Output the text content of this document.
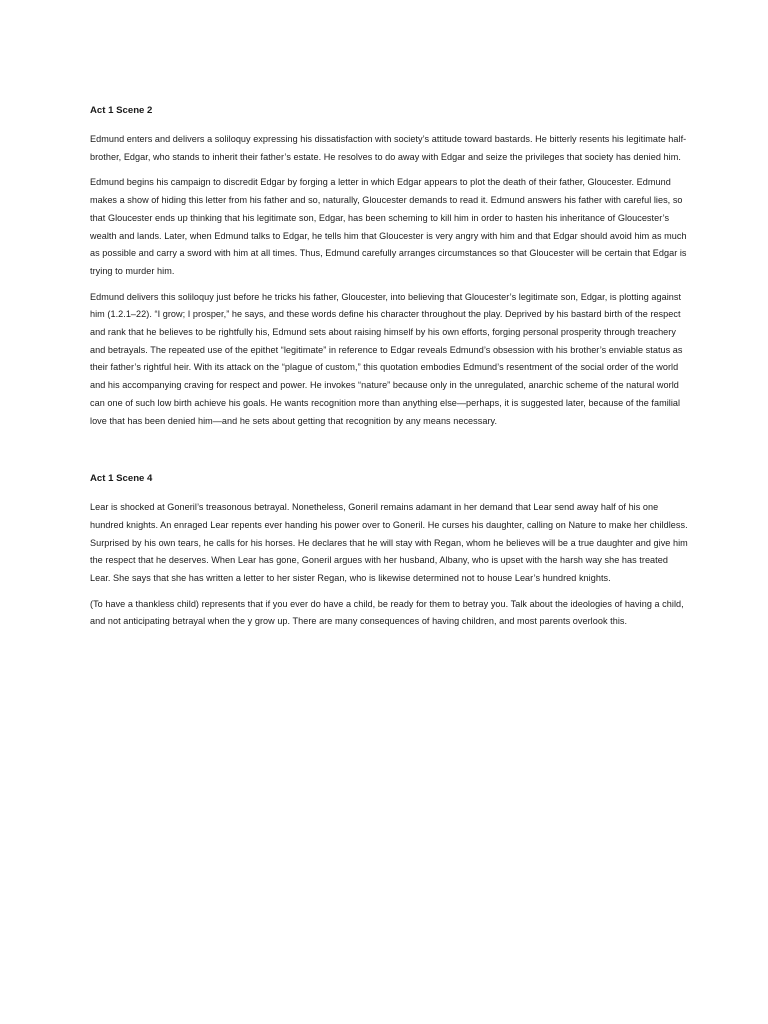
Act 1 Scene 2

Edmund enters and delivers a soliloquy expressing his dissatisfaction with society’s attitude toward bastards. He bitterly resents his legitimate half-brother, Edgar, who stands to inherit their father’s estate. He resolves to do away with Edgar and seize the privileges that society has denied him.

Edmund begins his campaign to discredit Edgar by forging a letter in which Edgar appears to plot the death of their father, Gloucester. Edmund makes a show of hiding this letter from his father and so, naturally, Gloucester demands to read it. Edmund answers his father with careful lies, so that Gloucester ends up thinking that his legitimate son, Edgar, has been scheming to kill him in order to hasten his inheritance of Gloucester’s wealth and lands. Later, when Edmund talks to Edgar, he tells him that Gloucester is very angry with him and that Edgar should avoid him as much as possible and carry a sword with him at all times. Thus, Edmund carefully arranges circumstances so that Gloucester will be certain that Edgar is trying to murder him.

Edmund delivers this soliloquy just before he tricks his father, Gloucester, into believing that Gloucester’s legitimate son, Edgar, is plotting against him (1.2.1–22). “I grow; I prosper,” he says, and these words define his character throughout the play. Deprived by his bastard birth of the respect and rank that he believes to be rightfully his, Edmund sets about raising himself by his own efforts, forging personal prosperity through treachery and betrayals. The repeated use of the epithet “legitimate” in reference to Edgar reveals Edmund’s obsession with his brother’s enviable status as their father’s rightful heir. With its attack on the “plague of custom,” this quotation embodies Edmund’s resentment of the social order of the world and his accompanying craving for respect and power. He invokes “nature” because only in the unregulated, anarchic scheme of the natural world can one of such low birth achieve his goals. He wants recognition more than anything else—perhaps, it is suggested later, because of the familial love that has been denied him—and he sets about getting that recognition by any means necessary.

Act 1 Scene 4

Lear is shocked at Goneril’s treasonous betrayal. Nonetheless, Goneril remains adamant in her demand that Lear send away half of his one hundred knights. An enraged Lear repents ever handing his power over to Goneril. He curses his daughter, calling on Nature to make her childless. Surprised by his own tears, he calls for his horses. He declares that he will stay with Regan, whom he believes will be a true daughter and give him the respect that he deserves. When Lear has gone, Goneril argues with her husband, Albany, who is upset with the harsh way she has treated Lear. She says that she has written a letter to her sister Regan, who is likewise determined not to house Lear’s hundred knights.

(To have a thankless child) represents that if you ever do have a child, be ready for them to betray you. Talk about the ideologies of having a child, and not anticipating betrayal when the y grow up. There are many consequences of having children, and most parents overlook this.
